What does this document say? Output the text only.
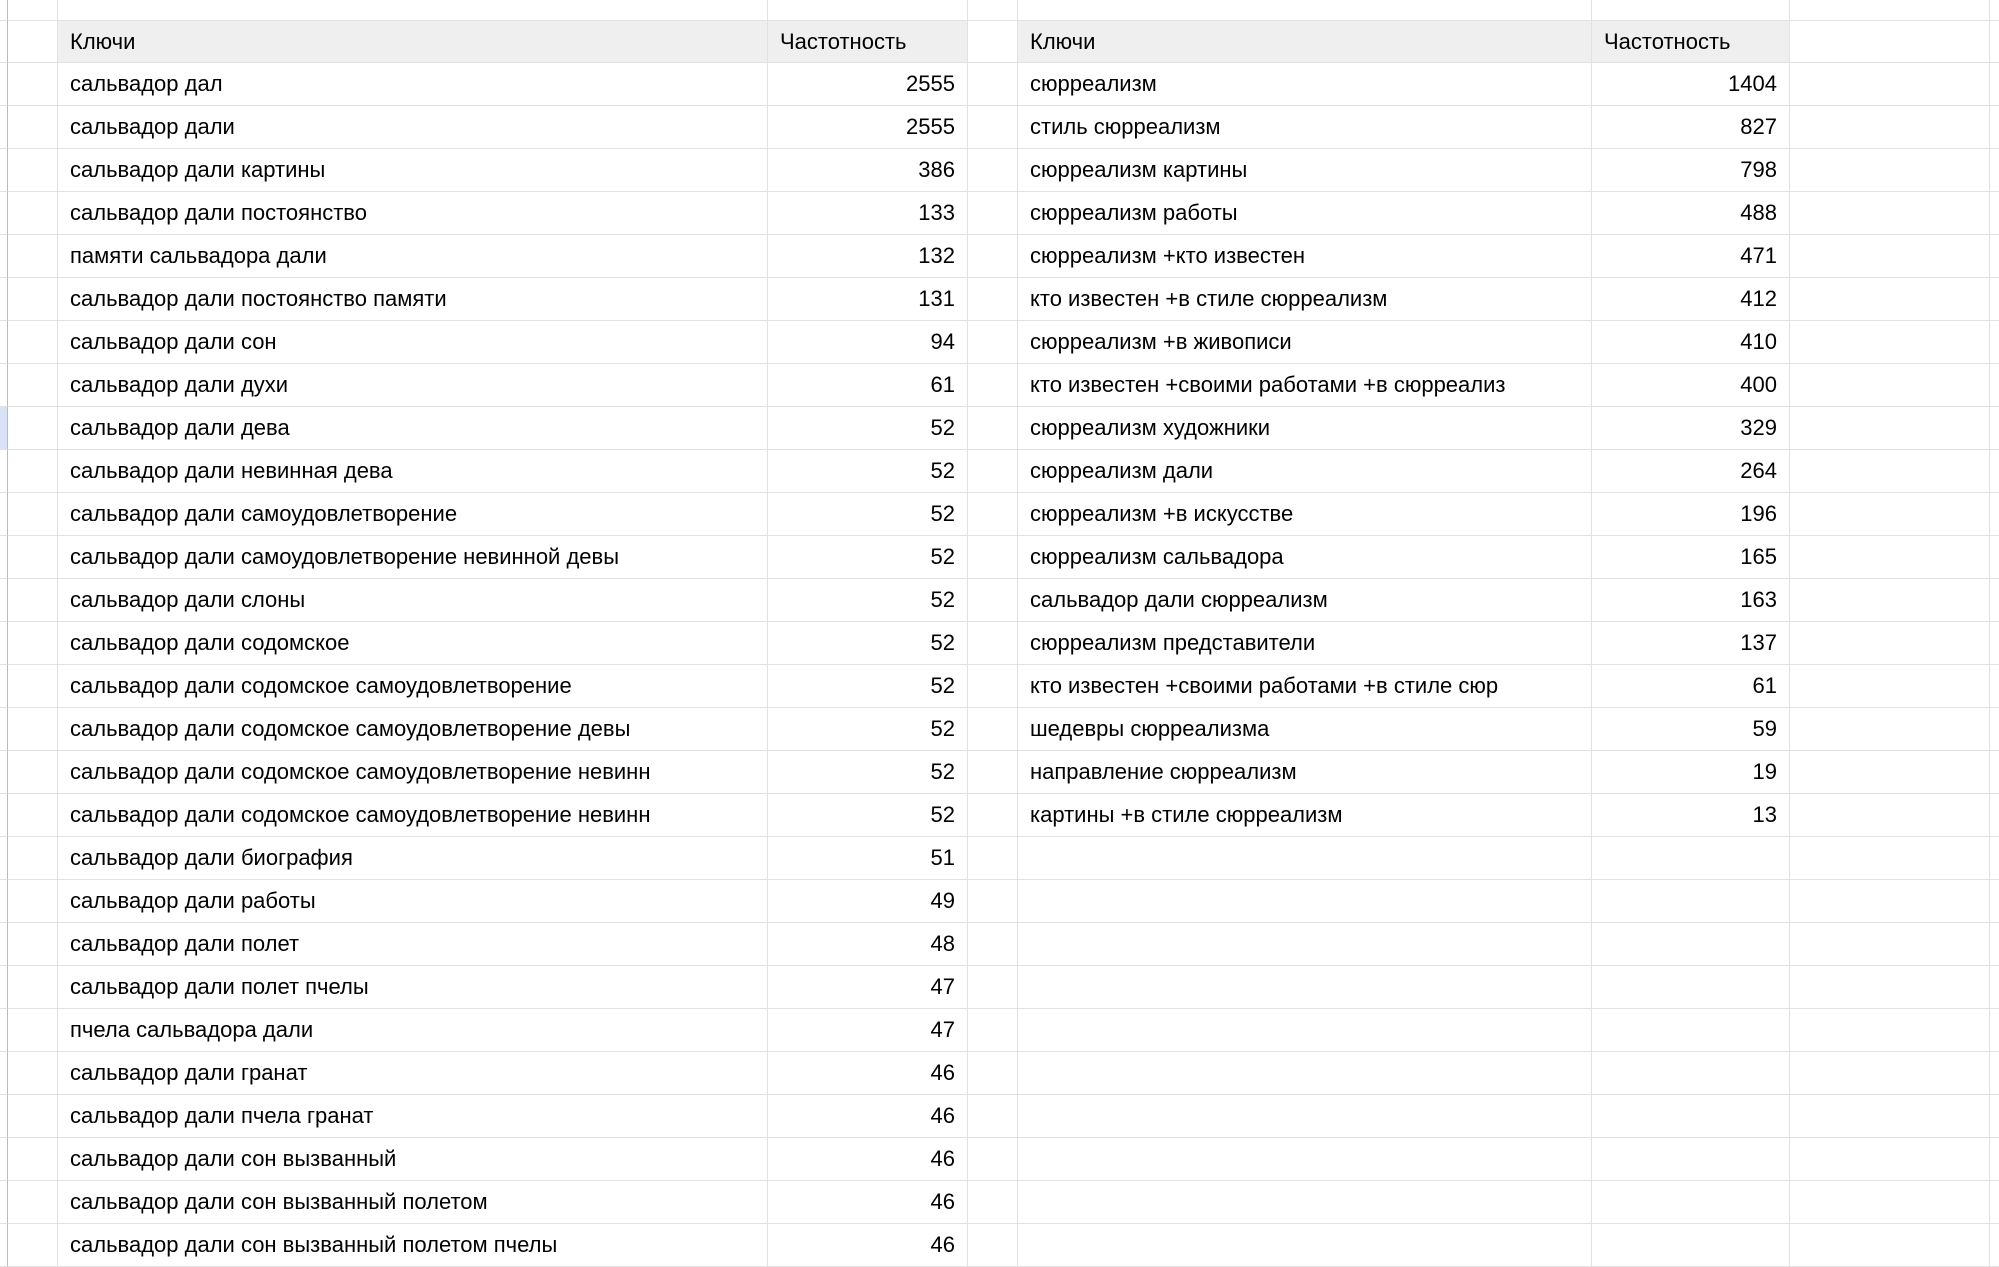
Ключи	Частотность	Ключи	Частотность
сальвадор дал	2555	сюрреализм	1404
сальвадор дали	2555	стиль сюрреализм	827
сальвадор дали картины	386	сюрреализм картины	798
сальвадор дали постоянство	133	сюрреализм работы	488
памяти сальвадора дали	132	сюрреализм +кто известен	471
сальвадор дали постоянство памяти	131	кто известен +в стиле сюрреализм	412
сальвадор дали сон	94	сюрреализм +в живописи	410
сальвадор дали духи	61	кто известен +своими работами +в сюрреализ	400
сальвадор дали дева	52	сюрреализм художники	329
сальвадор дали невинная дева	52	сюрреализм дали	264
сальвадор дали самоудовлетворение	52	сюрреализм +в искусстве	196
сальвадор дали самоудовлетворение невинной девы	52	сюрреализм сальвадора	165
сальвадор дали слоны	52	сальвадор дали сюрреализм	163
сальвадор дали содомское	52	сюрреализм представители	137
сальвадор дали содомское самоудовлетворение	52	кто известен +своими работами +в стиле сюр	61
сальвадор дали содомское самоудовлетворение девы	52	шедевры сюрреализма	59
сальвадор дали содомское самоудовлетворение невинн	52	направление сюрреализм	19
сальвадор дали содомское самоудовлетворение невинн	52	картины +в стиле сюрреализм	13
сальвадор дали биография	51
сальвадор дали работы	49
сальвадор дали полет	48
сальвадор дали полет пчелы	47
пчела сальвадора дали	47
сальвадор дали гранат	46
сальвадор дали пчела гранат	46
сальвадор дали сон вызванный	46
сальвадор дали сон вызванный полетом	46
сальвадор дали сон вызванный полетом пчелы	46
